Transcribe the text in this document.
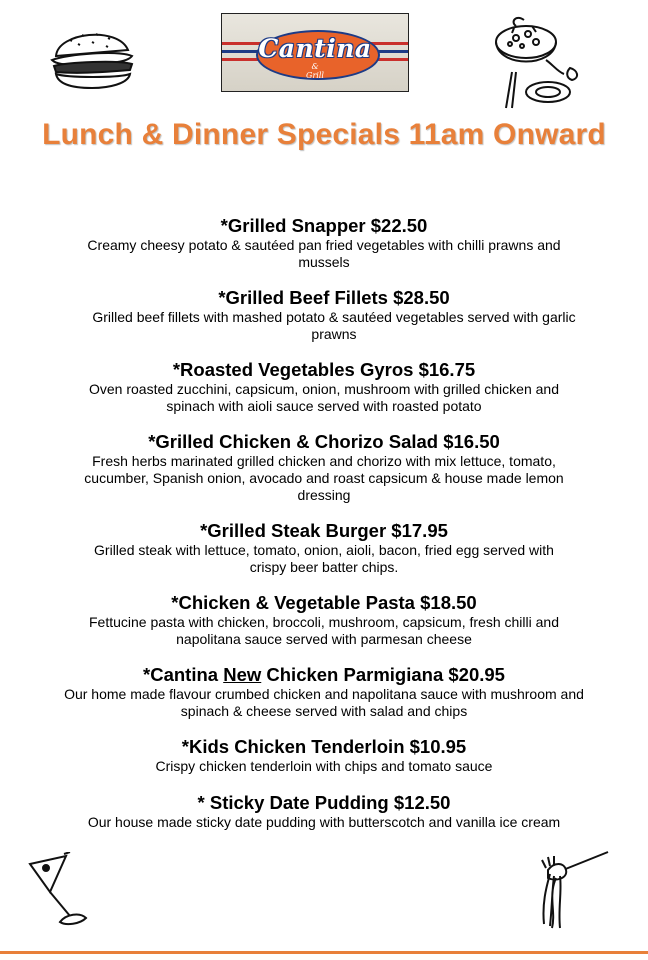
Cantina
&
Grill
Lunch & Dinner Specials 11am Onward
*Grilled Snapper $22.50
Creamy cheesy potato & sautéed pan fried vegetables with chilli prawns and mussels
*Grilled Beef Fillets $28.50
Grilled beef fillets with mashed potato & sautéed vegetables served with garlic prawns
*Roasted Vegetables Gyros $16.75
Oven roasted zucchini, capsicum, onion, mushroom with grilled chicken and spinach with aioli sauce served with roasted potato
*Grilled Chicken & Chorizo Salad $16.50
Fresh herbs marinated grilled chicken and chorizo with mix lettuce, tomato, cucumber, Spanish onion, avocado and roast capsicum & house made lemon dressing
*Grilled Steak Burger $17.95
Grilled steak with lettuce, tomato, onion, aioli, bacon, fried egg served with crispy beer batter chips.
*Chicken & Vegetable Pasta $18.50
Fettucine pasta with chicken, broccoli, mushroom, capsicum, fresh chilli and napolitana sauce served with parmesan cheese
*Cantina New Chicken Parmigiana $20.95
Our home made flavour crumbed chicken and napolitana sauce with mushroom and spinach & cheese served with salad and chips
*Kids Chicken Tenderloin $10.95
Crispy chicken tenderloin with chips and tomato sauce
* Sticky Date Pudding $12.50
Our house made sticky date pudding with butterscotch and vanilla ice cream
